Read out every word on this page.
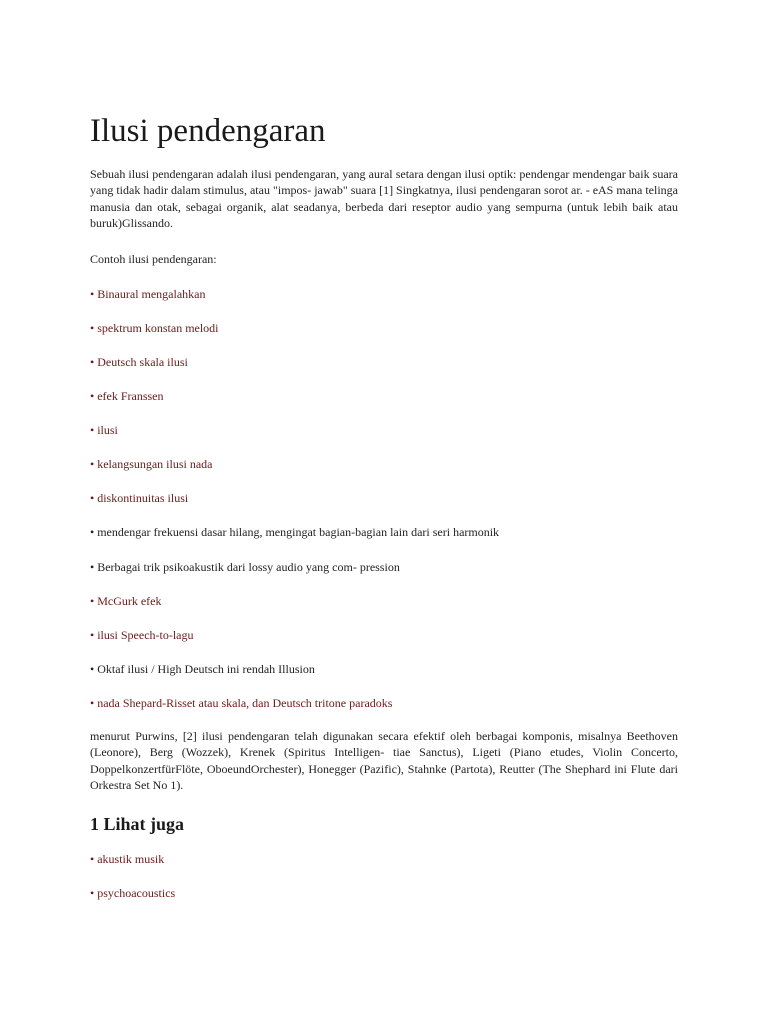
Ilusi pendengaran

Sebuah ilusi pendengaran adalah ilusi pendengaran, yang aural setara dengan ilusi optik: pendengar mendengar baik suara yang tidak hadir dalam stimulus, atau "impos- jawab" suara [1] Singkatnya, ilusi pendengaran sorot ar. - eAS mana telinga manusia dan otak, sebagai organik, alat seadanya, berbeda dari reseptor audio yang sempurna (untuk lebih baik atau buruk)Glissando.

Contoh ilusi pendengaran:

• Binaural mengalahkan

• spektrum konstan melodi

• Deutsch skala ilusi

• efek Franssen

• ilusi

• kelangsungan ilusi nada

• diskontinuitas ilusi

• mendengar frekuensi dasar hilang, mengingat bagian-bagian lain dari seri harmonik

• Berbagai trik psikoakustik dari lossy audio yang com- pression

• McGurk efek

• ilusi Speech-to-lagu

• Oktaf ilusi / High Deutsch ini rendah Illusion

• nada Shepard-Risset atau skala, dan Deutsch tritone paradoks

menurut Purwins, [2] ilusi pendengaran telah digunakan secara efektif oleh berbagai komponis, misalnya Beethoven (Leonore), Berg (Wozzek), Krenek (Spiritus Intelligen- tiae Sanctus), Ligeti (Piano etudes, Violin Concerto, DoppelkonzertfürFlöte, OboeundOrchester), Honegger (Pazific), Stahnke (Partota), Reutter (The Shephard ini Flute dari Orkestra Set No 1).

1 Lihat juga

• akustik musik

• psychoacoustics
